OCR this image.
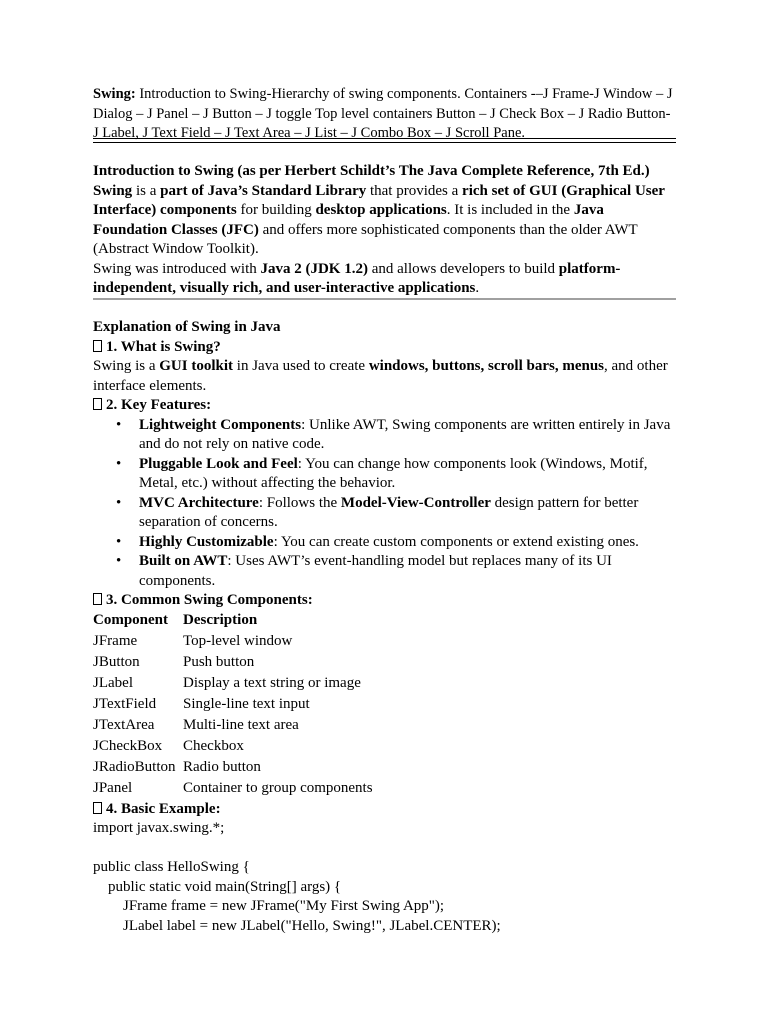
Swing: Introduction to Swing-Hierarchy of swing components. Containers -–J Frame-J Window – J Dialog – J Panel – J Button – J toggle Top level containers Button – J Check Box – J Radio Button-J Label, J Text Field – J Text Area – J List – J Combo Box – J Scroll Pane.

Introduction to Swing (as per Herbert Schildt’s The Java Complete Reference, 7th Ed.)

Swing is a part of Java’s Standard Library that provides a rich set of GUI (Graphical User Interface) components for building desktop applications. It is included in the Java Foundation Classes (JFC) and offers more sophisticated components than the older AWT (Abstract Window Toolkit).

Swing was introduced with Java 2 (JDK 1.2) and allows developers to build platform-independent, visually rich, and user-interactive applications.

Explanation of Swing in Java

1. What is Swing?

Swing is a GUI toolkit in Java used to create windows, buttons, scroll bars, menus, and other interface elements.

2. Key Features:

• Lightweight Components: Unlike AWT, Swing components are written entirely in Java and do not rely on native code.
• Pluggable Look and Feel: You can change how components look (Windows, Motif, Metal, etc.) without affecting the behavior.
• MVC Architecture: Follows the Model-View-Controller design pattern for better separation of concerns.
• Highly Customizable: You can create custom components or extend existing ones.
• Built on AWT: Uses AWT’s event-handling model but replaces many of its UI components.

3. Common Swing Components:

Component	Description
JFrame	Top-level window
JButton	Push button
JLabel	Display a text string or image
JTextField	Single-line text input
JTextArea	Multi-line text area
JCheckBox	Checkbox
JRadioButton	Radio button
JPanel	Container to group components

4. Basic Example:

import javax.swing.*;

public class HelloSwing {
public static void main(String[] args) {
JFrame frame = new JFrame("My First Swing App");
JLabel label = new JLabel("Hello, Swing!", JLabel.CENTER);
